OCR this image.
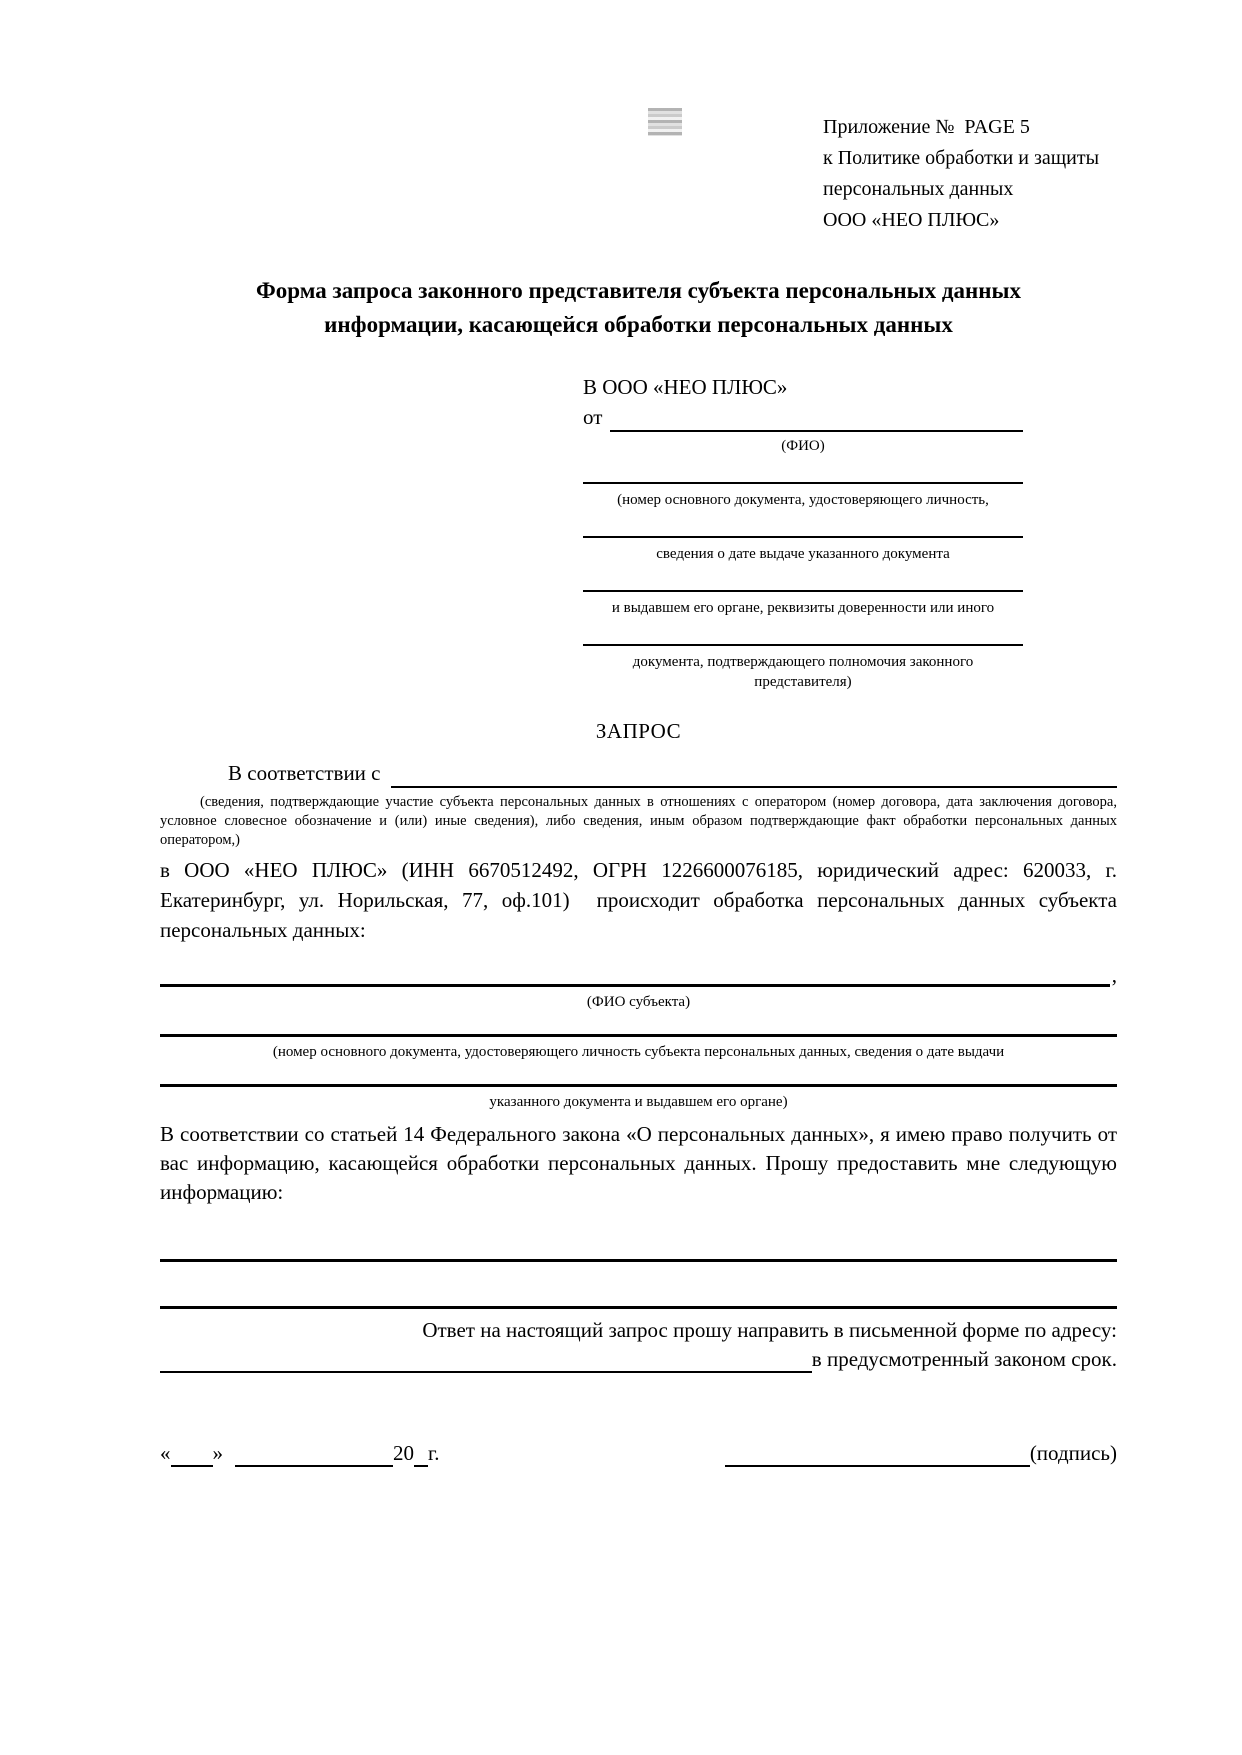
Приложение №  PAGE 5
к Политике обработки и защиты
персональных данных
ООО «НЕО ПЛЮС»
Форма запроса законного представителя субъекта персональных данных
информации, касающейся обработки персональных данных
В ООО «НЕО ПЛЮС»
от
(ФИО)
(номер основного документа, удостоверяющего личность,
сведения о дате выдаче указанного документа
и выдавшем его органе, реквизиты доверенности или иного
документа, подтверждающего полномочия законного представителя)
ЗАПРОС
В соответствии с
(сведения, подтверждающие участие субъекта персональных данных в отношениях с оператором (номер договора, дата заключения договора, условное словесное обозначение и (или) иные сведения), либо сведения, иным образом подтверждающие факт обработки персональных данных оператором,)
в ООО «НЕО ПЛЮС» (ИНН 6670512492, ОГРН 1226600076185, юридический адрес: 620033, г. Екатеринбург, ул. Норильская, 77, оф.101)  происходит обработка персональных данных субъекта персональных данных:
,
(ФИО субъекта)
(номер основного документа, удостоверяющего личность субъекта персональных данных, сведения о дате выдачи
указанного документа и выдавшем его органе)
В соответствии со статьей 14 Федерального закона «О персональных данных», я имею право получить от вас информацию, касающейся обработки персональных данных. Прошу предоставить мне следующую информацию:
Ответ на настоящий запрос прошу направить в письменной форме по адресу:
в предусмотренный законом срок.
« »	20 г.	(подпись)
